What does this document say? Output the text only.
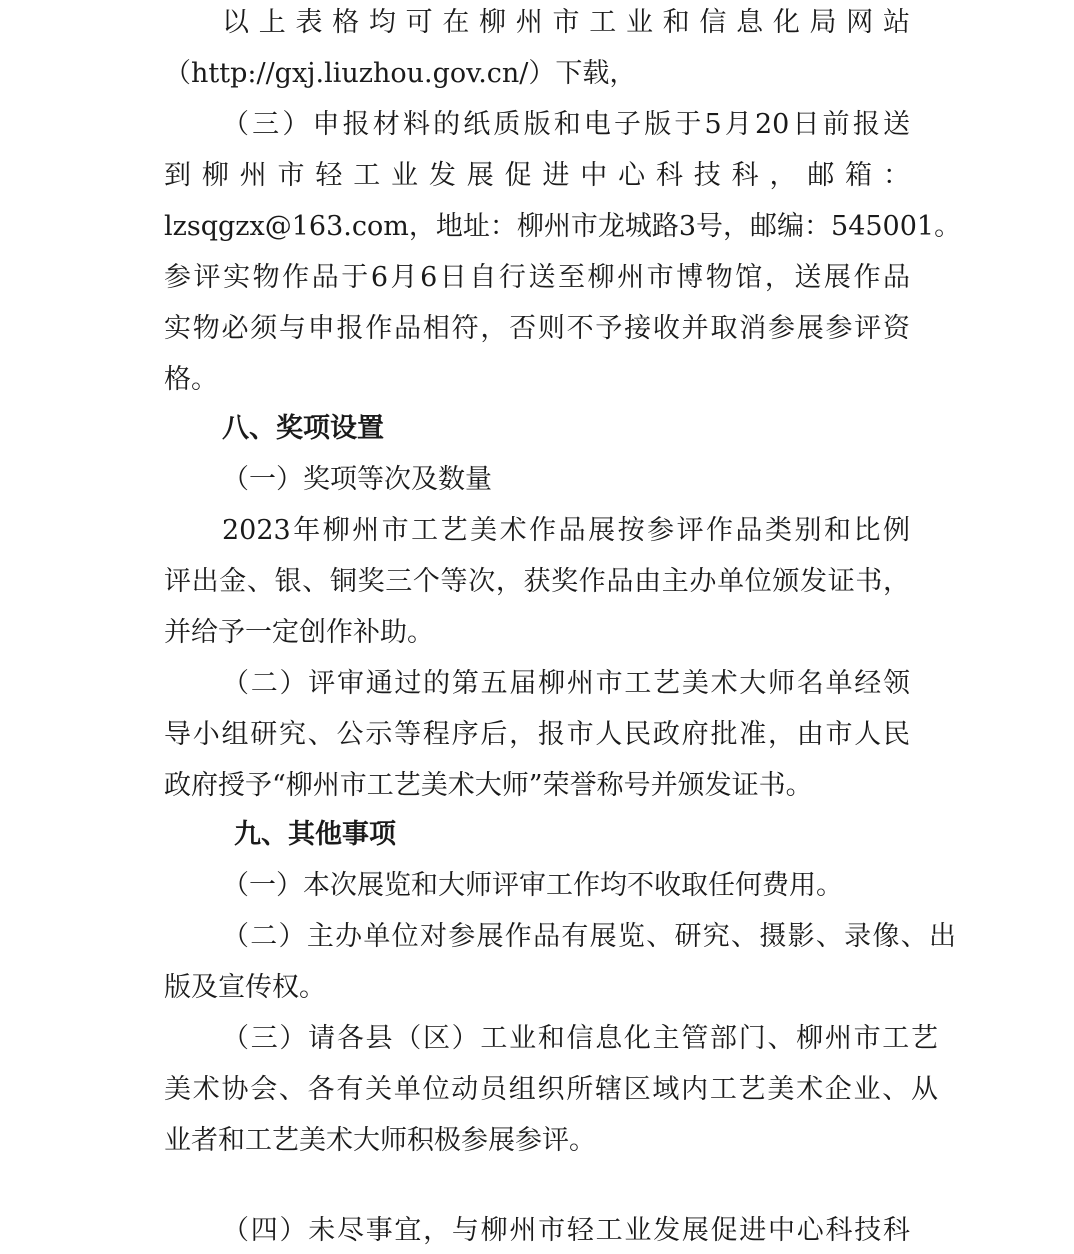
以上表格均可在柳州市工业和信息化局网站
（http://gxj.liuzhou.gov.cn/）下载，
（三）申报材料的纸质版和电子版于5月20日前报送
到柳州市轻工业发展促进中心科技科，邮箱：
lzsqgzx@163.com，地址：柳州市龙城路3号，邮编：545001。
参评实物作品于6月6日自行送至柳州市博物馆，送展作品
实物必须与申报作品相符，否则不予接收并取消参展参评资
格。
八、奖项设置
（一）奖项等次及数量
2023年柳州市工艺美术作品展按参评作品类别和比例
评出金、银、铜奖三个等次，获奖作品由主办单位颁发证书，
并给予一定创作补助。
（二）评审通过的第五届柳州市工艺美术大师名单经领
导小组研究、公示等程序后，报市人民政府批准，由市人民
政府授予“柳州市工艺美术大师”荣誉称号并颁发证书。
九、其他事项
（一）本次展览和大师评审工作均不收取任何费用。
（二）主办单位对参展作品有展览、研究、摄影、录像、出
版及宣传权。
（三）请各县（区）工业和信息化主管部门、柳州市工艺
美术协会、各有关单位动员组织所辖区域内工艺美术企业、从
业者和工艺美术大师积极参展参评。
（四）未尽事宜，与柳州市轻工业发展促进中心科技科
